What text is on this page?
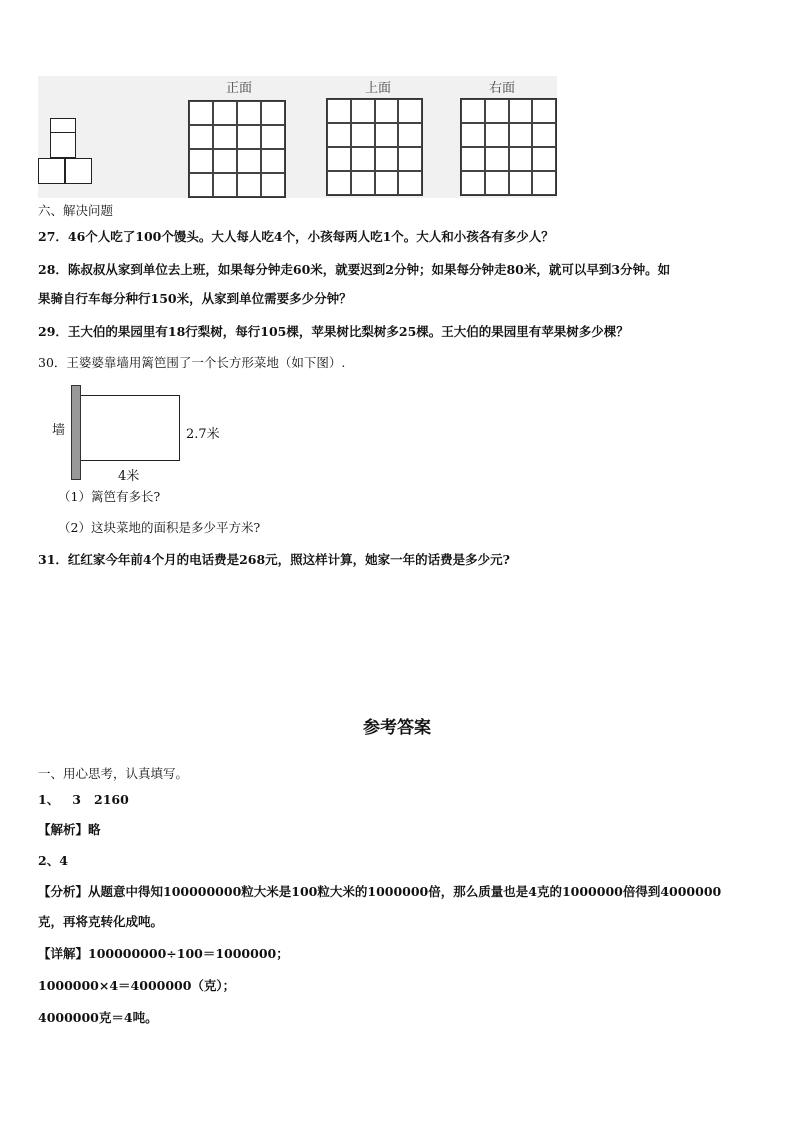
正面	上面	右面
六、解决问题
27．46个人吃了100个馒头。大人每人吃4个，小孩每两人吃1个。大人和小孩各有多少人？
28．陈叔叔从家到单位去上班，如果每分钟走60米，就要迟到2分钟；如果每分钟走80米，就可以早到3分钟。如
果骑自行车每分种行150米，从家到单位需要多少分钟？
29．王大伯的果园里有18行梨树，每行105棵，苹果树比梨树多25棵。王大伯的果园里有苹果树多少棵？
30．王婆婆靠墙用篱笆围了一个长方形菜地（如下图）.
墙	2.7米
4米
（1）篱笆有多长?
（2）这块菜地的面积是多少平方米?
31．红红家今年前4个月的电话费是268元，照这样计算，她家一年的话费是多少元?
参考答案
一、用心思考，认真填写。
1、   3   2160
【解析】略
2、4
【分析】从题意中得知100000000粒大米是100粒大米的1000000倍，那么质量也是4克的1000000倍得到4000000
克，再将克转化成吨。
【详解】100000000÷100＝1000000；
1000000×4＝4000000（克）；
4000000克＝4吨。
